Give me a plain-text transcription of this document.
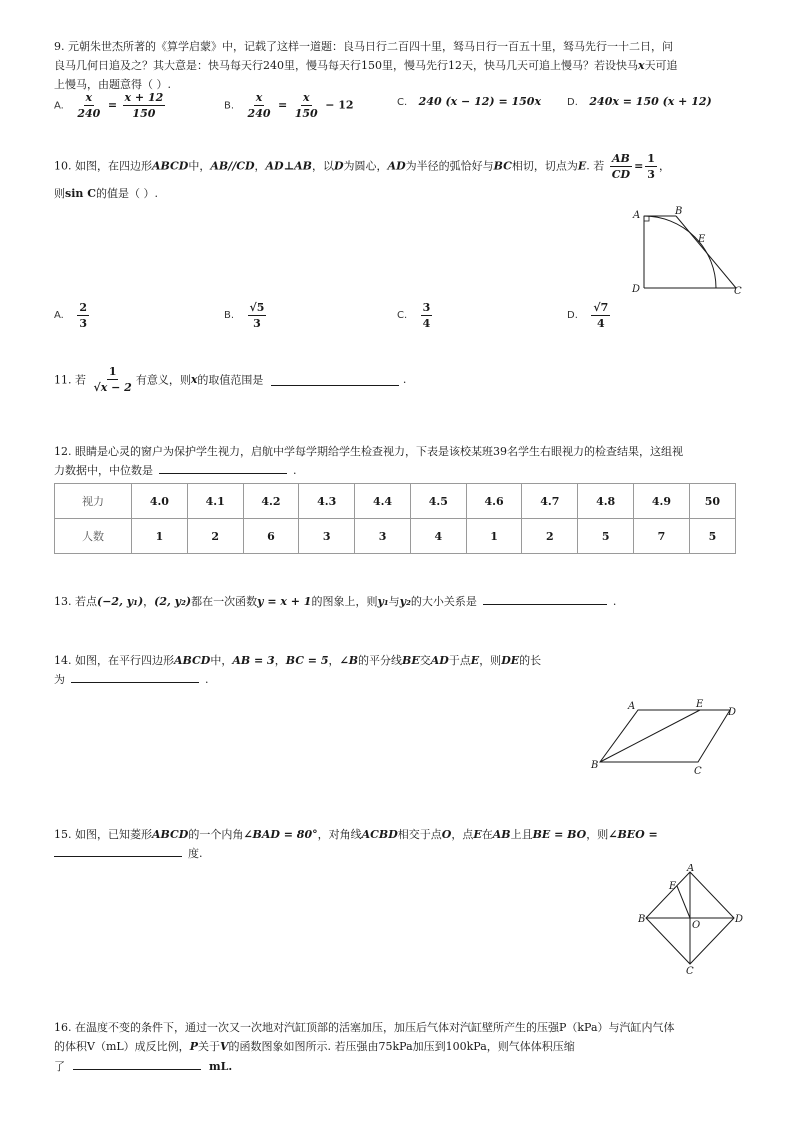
9. 元朝朱世杰所著的《算学启蒙》中，记载了这样一道题：良马日行二百四十里，驽马日行一百五十里，驽马先行一十二日，问
良马几何日追及之？其大意是：快马每天行240里，慢马每天行150里，慢马先行12天，快马几天可追上慢马？若设快马x天可追
上慢马，由题意得（ ）.
A. $\frac{x}{240} = \frac{x + 12}{150}$	B. $\frac{x}{240} = \frac{x}{150} - 12$	C. 240 (x − 12) = 150x	D. 240x = 150 (x + 12)
10. 如图，在四边形ABCD中，AB//CD，AD⊥AB，以D为圆心，AD为半径的弧恰好与BC相切，切点为E. 若 $\frac{AB}{CD} = \frac{1}{3}$ ，
则sin C的值是（ ）.
A	B
E
D	C
A. $\frac{2}{3}$	B. $\frac{√5}{3}$	C. $\frac{3}{4}$	D. $\frac{√7}{4}$
11. 若 $\frac{1}{√x - 2}$ 有意义，则x的取值范围是	.
12. 眼睛是心灵的窗户为保护学生视力，启航中学每学期给学生检查视力，下表是该校某班39名学生右眼视力的检查结果，这组视
力数据中，中位数是	.
视力	4.0	4.1	4.2	4.3	4.4	4.5	4.6	4.7	4.8	4.9	50
人数	1	2	6	3	3	4	1	2	5	7	5
13. 若点(−2, y₁)，(2, y₂)都在一次函数y = x + 1的图象上，则y₁与y₂的大小关系是	.
14. 如图，在平行四边形ABCD中，AB = 3，BC = 5，∠B的平分线BE交AD于点E，则DE的长
为	.
A	E
D
B
C
15. 如图，已知菱形ABCD的一个内角∠BAD = 80°，对角线ACBD相交于点O，点E在AB上且BE = BO，则∠BEO =
度.
A
E
B
O
D
C
16. 在温度不变的条件下，通过一次又一次地对汽缸顶部的活塞加压，加压后气体对汽缸壁所产生的压强P（kPa）与汽缸内气体
的体积V（mL）成反比例，P关于V的函数图象如图所示. 若压强由75kPa加压到100kPa，则气体体积压缩
了	mL.
